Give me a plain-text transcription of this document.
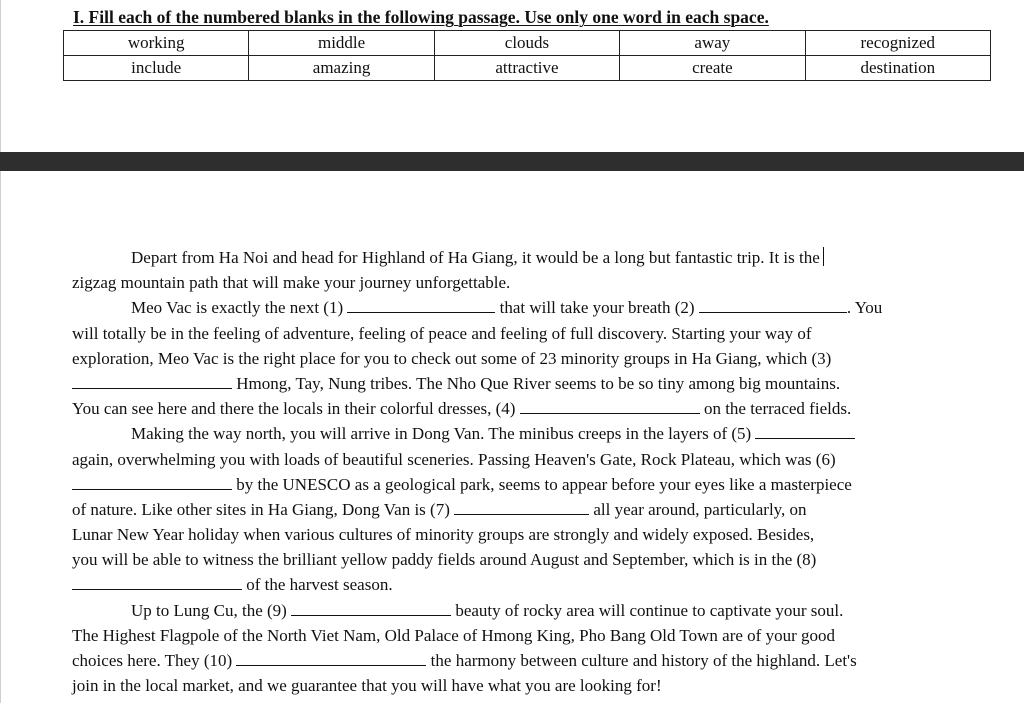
I. Fill each of the numbered blanks in the following passage. Use only one word in each space.
working	middle	clouds	away	recognized
include	amazing	attractive	create	destination
Depart from Ha Noi and head for Highland of Ha Giang, it would be a long but fantastic trip. It is the
zigzag mountain path that will make your journey unforgettable.
Meo Vac is exactly the next (1)	that will take your breath (2)	. You
will totally be in the feeling of adventure, feeling of peace and feeling of full discovery. Starting your way of
exploration, Meo Vac is the right place for you to check out some of 23 minority groups in Ha Giang, which (3)
Hmong, Tay, Nung tribes. The Nho Que River seems to be so tiny among big mountains.
You can see here and there the locals in their colorful dresses, (4)	on the terraced fields.
Making the way north, you will arrive in Dong Van. The minibus creeps in the layers of (5)
again, overwhelming you with loads of beautiful sceneries. Passing Heaven's Gate, Rock Plateau, which was (6)
by the UNESCO as a geological park, seems to appear before your eyes like a masterpiece
of nature. Like other sites in Ha Giang, Dong Van is (7)	all year around, particularly, on
Lunar New Year holiday when various cultures of minority groups are strongly and widely exposed. Besides,
you will be able to witness the brilliant yellow paddy fields around August and September, which is in the (8)
of the harvest season.
Up to Lung Cu, the (9)	beauty of rocky area will continue to captivate your soul.
The Highest Flagpole of the North Viet Nam, Old Palace of Hmong King, Pho Bang Old Town are of your good
choices here. They (10)	the harmony between culture and history of the highland. Let's
join in the local market, and we guarantee that you will have what you are looking for!
